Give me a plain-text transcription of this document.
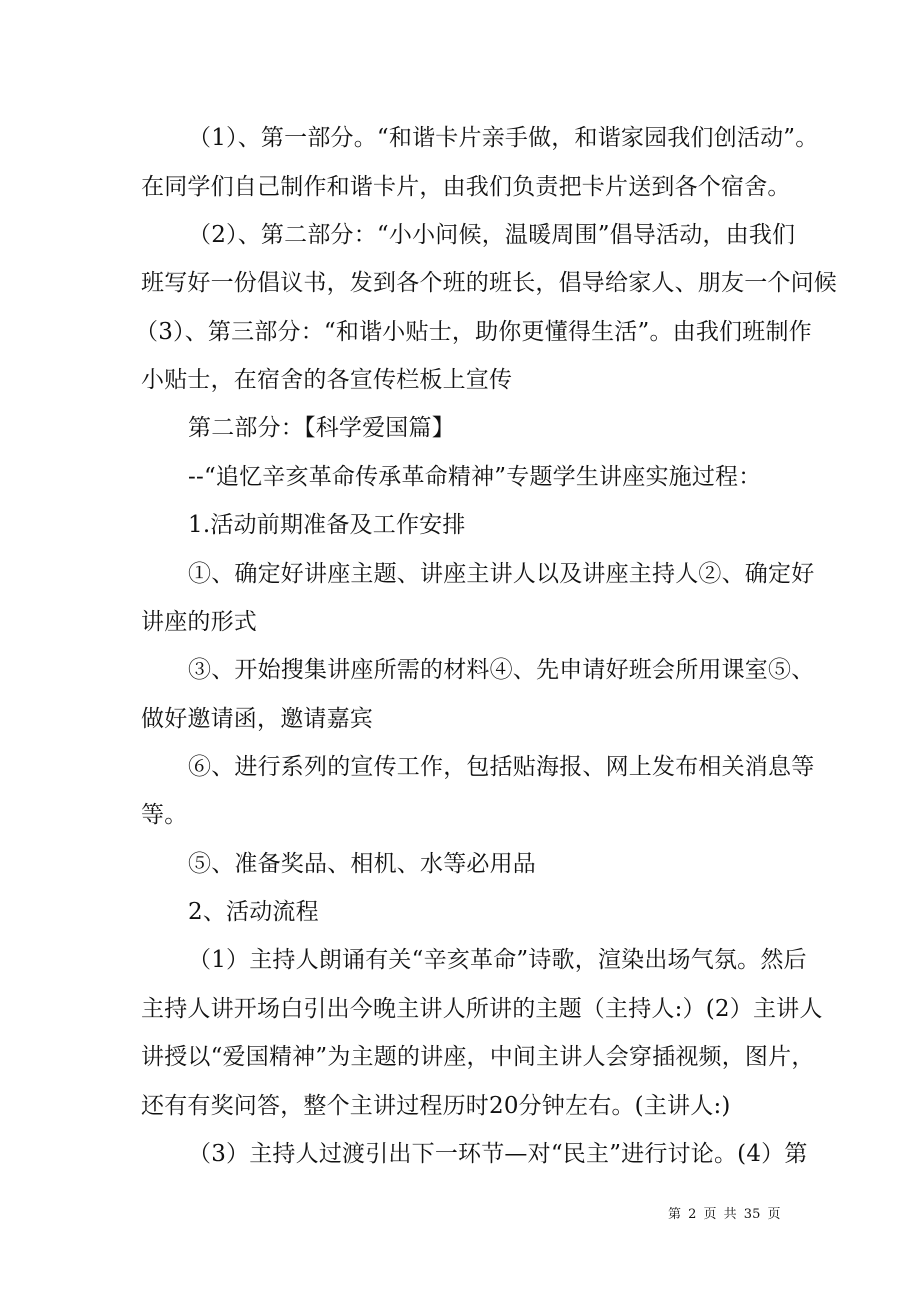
（1）、第一部分。“和谐卡片亲手做，和谐家园我们创活动”。
在同学们自己制作和谐卡片，由我们负责把卡片送到各个宿舍。
（2）、第二部分：“小小问候，温暖周围”倡导活动，由我们
班写好一份倡议书，发到各个班的班长，倡导给家人、朋友一个问候
（3）、第三部分：“和谐小贴士，助你更懂得生活”。由我们班制作
小贴士，在宿舍的各宣传栏板上宣传
第二部分：【科学爱国篇】
--“追忆辛亥革命传承革命精神”专题学生讲座实施过程：
1.活动前期准备及工作安排
①、确定好讲座主题、讲座主讲人以及讲座主持人②、确定好
讲座的形式
③、开始搜集讲座所需的材料④、先申请好班会所用课室⑤、
做好邀请函，邀请嘉宾
⑥、进行系列的宣传工作，包括贴海报、网上发布相关消息等
等。
⑤、准备奖品、相机、水等必用品
2、活动流程
（1）主持人朗诵有关“辛亥革命”诗歌，渲染出场气氛。然后
主持人讲开场白引出今晚主讲人所讲的主题（主持人:）(2）主讲人
讲授以“爱国精神”为主题的讲座，中间主讲人会穿插视频，图片，
还有有奖问答，整个主讲过程历时20分钟左右。(主讲人:)
（3）主持人过渡引出下一环节—对“民主”进行讨论。(4）第
第 2 页 共 35 页
